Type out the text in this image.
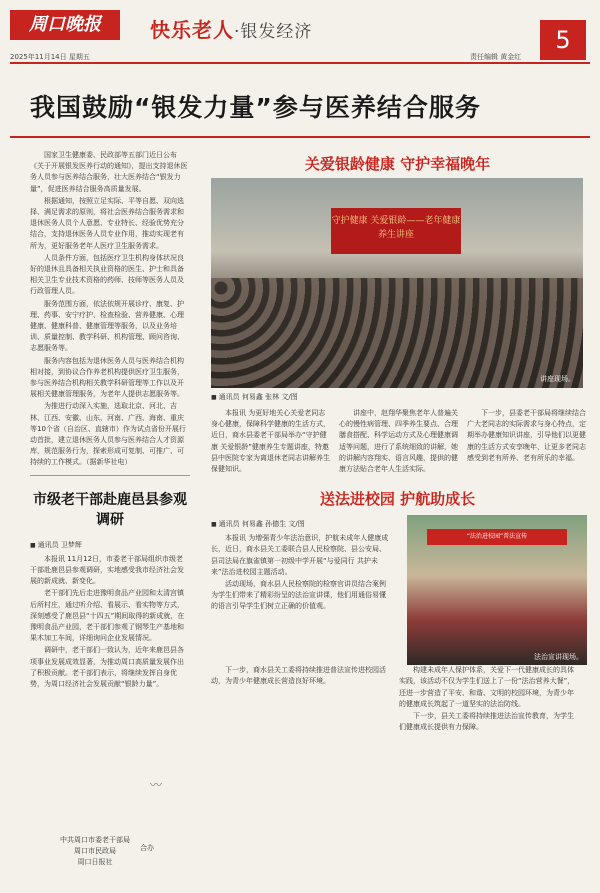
周口晚报
2025年11月14日 星期五
快乐老人·银发经济
责任编辑 黄金红
5
我国鼓励“银发力量”参与医养结合服务

国家卫生健康委、民政部等五部门近日公布《关于开展银发医养行动的通知》，提出支持退休医务人员参与医养结合服务，壮大医养结合“银发力量”，促进医养结合服务高质量发展。

根据通知，按照立足实际、平等自愿、双向选择、满足需求的原则，将社会医养结合服务需求和退休医务人员个人意愿、专业特长、经验优势充分结合，支持退休医务人员专业作用，推动实现老有所为，更好服务老年人医疗卫生服务需求。

人员条件方面，包括医疗卫生机构身体状况良好的退休且具备相关执业资格的医生、护士和具备相关卫生专业技术资格的药师、技师等医务人员及行政管理人员。

服务范围方面，依法依规开展诊疗、康复、护理、药事、安宁疗护、检查检验、营养健康、心理健康、健康科普、健康管理等服务，以及业务培训、质量控制、教学科研、机构管理、顾问咨询、志愿服务等。

服务内容包括为退休医务人员与医养结合机构相对接，到协议合作养老机构提供医疗卫生服务，参与医养结合机构相关教学科研管理等工作以及开展相关健康管理服务，为老年人提供志愿服务等。

为推进行动深入实施，选取北京、河北、吉林、江西、安徽、山东、河南、广西、海南、重庆等10个省（自治区、直辖市）作为试点省份开展行动首批，建立退休医务人员参与医养结合人才资源库，规范服务行为，探索形成可复制、可推广、可持续的工作模式。（据新华社电）

市级老干部赴鹿邑县参观调研
■ 通讯员 卫梦辉

本报讯 11月12日，市委老干部局组织市级老干部赴鹿邑县参观调研，实地感受我市经济社会发展的新成就、新变化。

老干部们先后走进豫明食品产业园和太清宫镇后所村庄，通过听介绍、看展示、看实物等方式，深刻感受了鹿邑县“十四五”期间取得的新成就，在豫明食品产业园，老干部们参观了钢琴生产基地和果木加工车间，详细询问企业发展情况。

调研中，老干部们一致认为，近年来鹿邑县各项事业发展成效显著，为推动周口高质量发展作出了积极贡献。老干部们表示，将继续发挥自身优势，为周口经济社会发展贡献“银龄力量”。

〰
中共周口市委老干部局
周口市民政局
周口日报社
合办
关爱银龄健康 守护幸福晚年
守护健康 关爱银龄——老年健康养生讲座
讲座现场。
■ 通讯员 何易鑫 张林 文/图

本报讯 为更好地关心关爱老同志身心健康，保障科学健康的生活方式，近日，商水县委老干部局举办“守护健康 关爱银龄”健康养生专题讲座，特邀县中医院专家为离退休老同志讲解养生保健知识。

讲座中，赵翔华聚焦老年人普遍关心的慢性病管理、四季养生要点、合理膳食搭配、科学运动方式及心理健康调适等问题，进行了系统细致的讲解，她的讲解内容翔实、语言风趣，提供的健康方法贴合老年人生活实际。

下一步，县委老干部局将继续结合广大老同志的实际需求与身心特点，定期举办健康知识讲座，引导他们以更健康的生活方式安享晚年，让更多老同志感受到老有所养、老有所乐的幸福。

送法进校园 护航助成长
■ 通讯员 何易鑫 孙德生 文/图

本报讯 为增强青少年法治意识，护航未成年人健康成长，近日，商水县关工委联合县人民检察院、县公安局、县司法局在旗雀镇第一初级中学开展“与爱同行 共护未来”法治进校园主题活动。

活动现场，商水县人民检察院的检察官讲员结合案例为学生们带来了精彩纷呈的法治宣讲课，他们用通俗易懂的语言引导学生们树立正确的价值观。

“法治进校园”普法宣传
法治宣讲现场。

下一步，商水县关工委将持续推进普法宣传进校园活动，为青少年健康成长营造良好环境。

构建未成年人保护体系，关爱下一代健康成长的具体实践，该活动不仅为学生们送上了一份“法治营养大餐”，还进一步营造了平安、和谐、文明的校园环境，为青少年的健康成长筑起了一道坚实的法治防线。

下一步，县关工委将持续推进法治宣传教育，为学生们健康成长提供有力保障。
